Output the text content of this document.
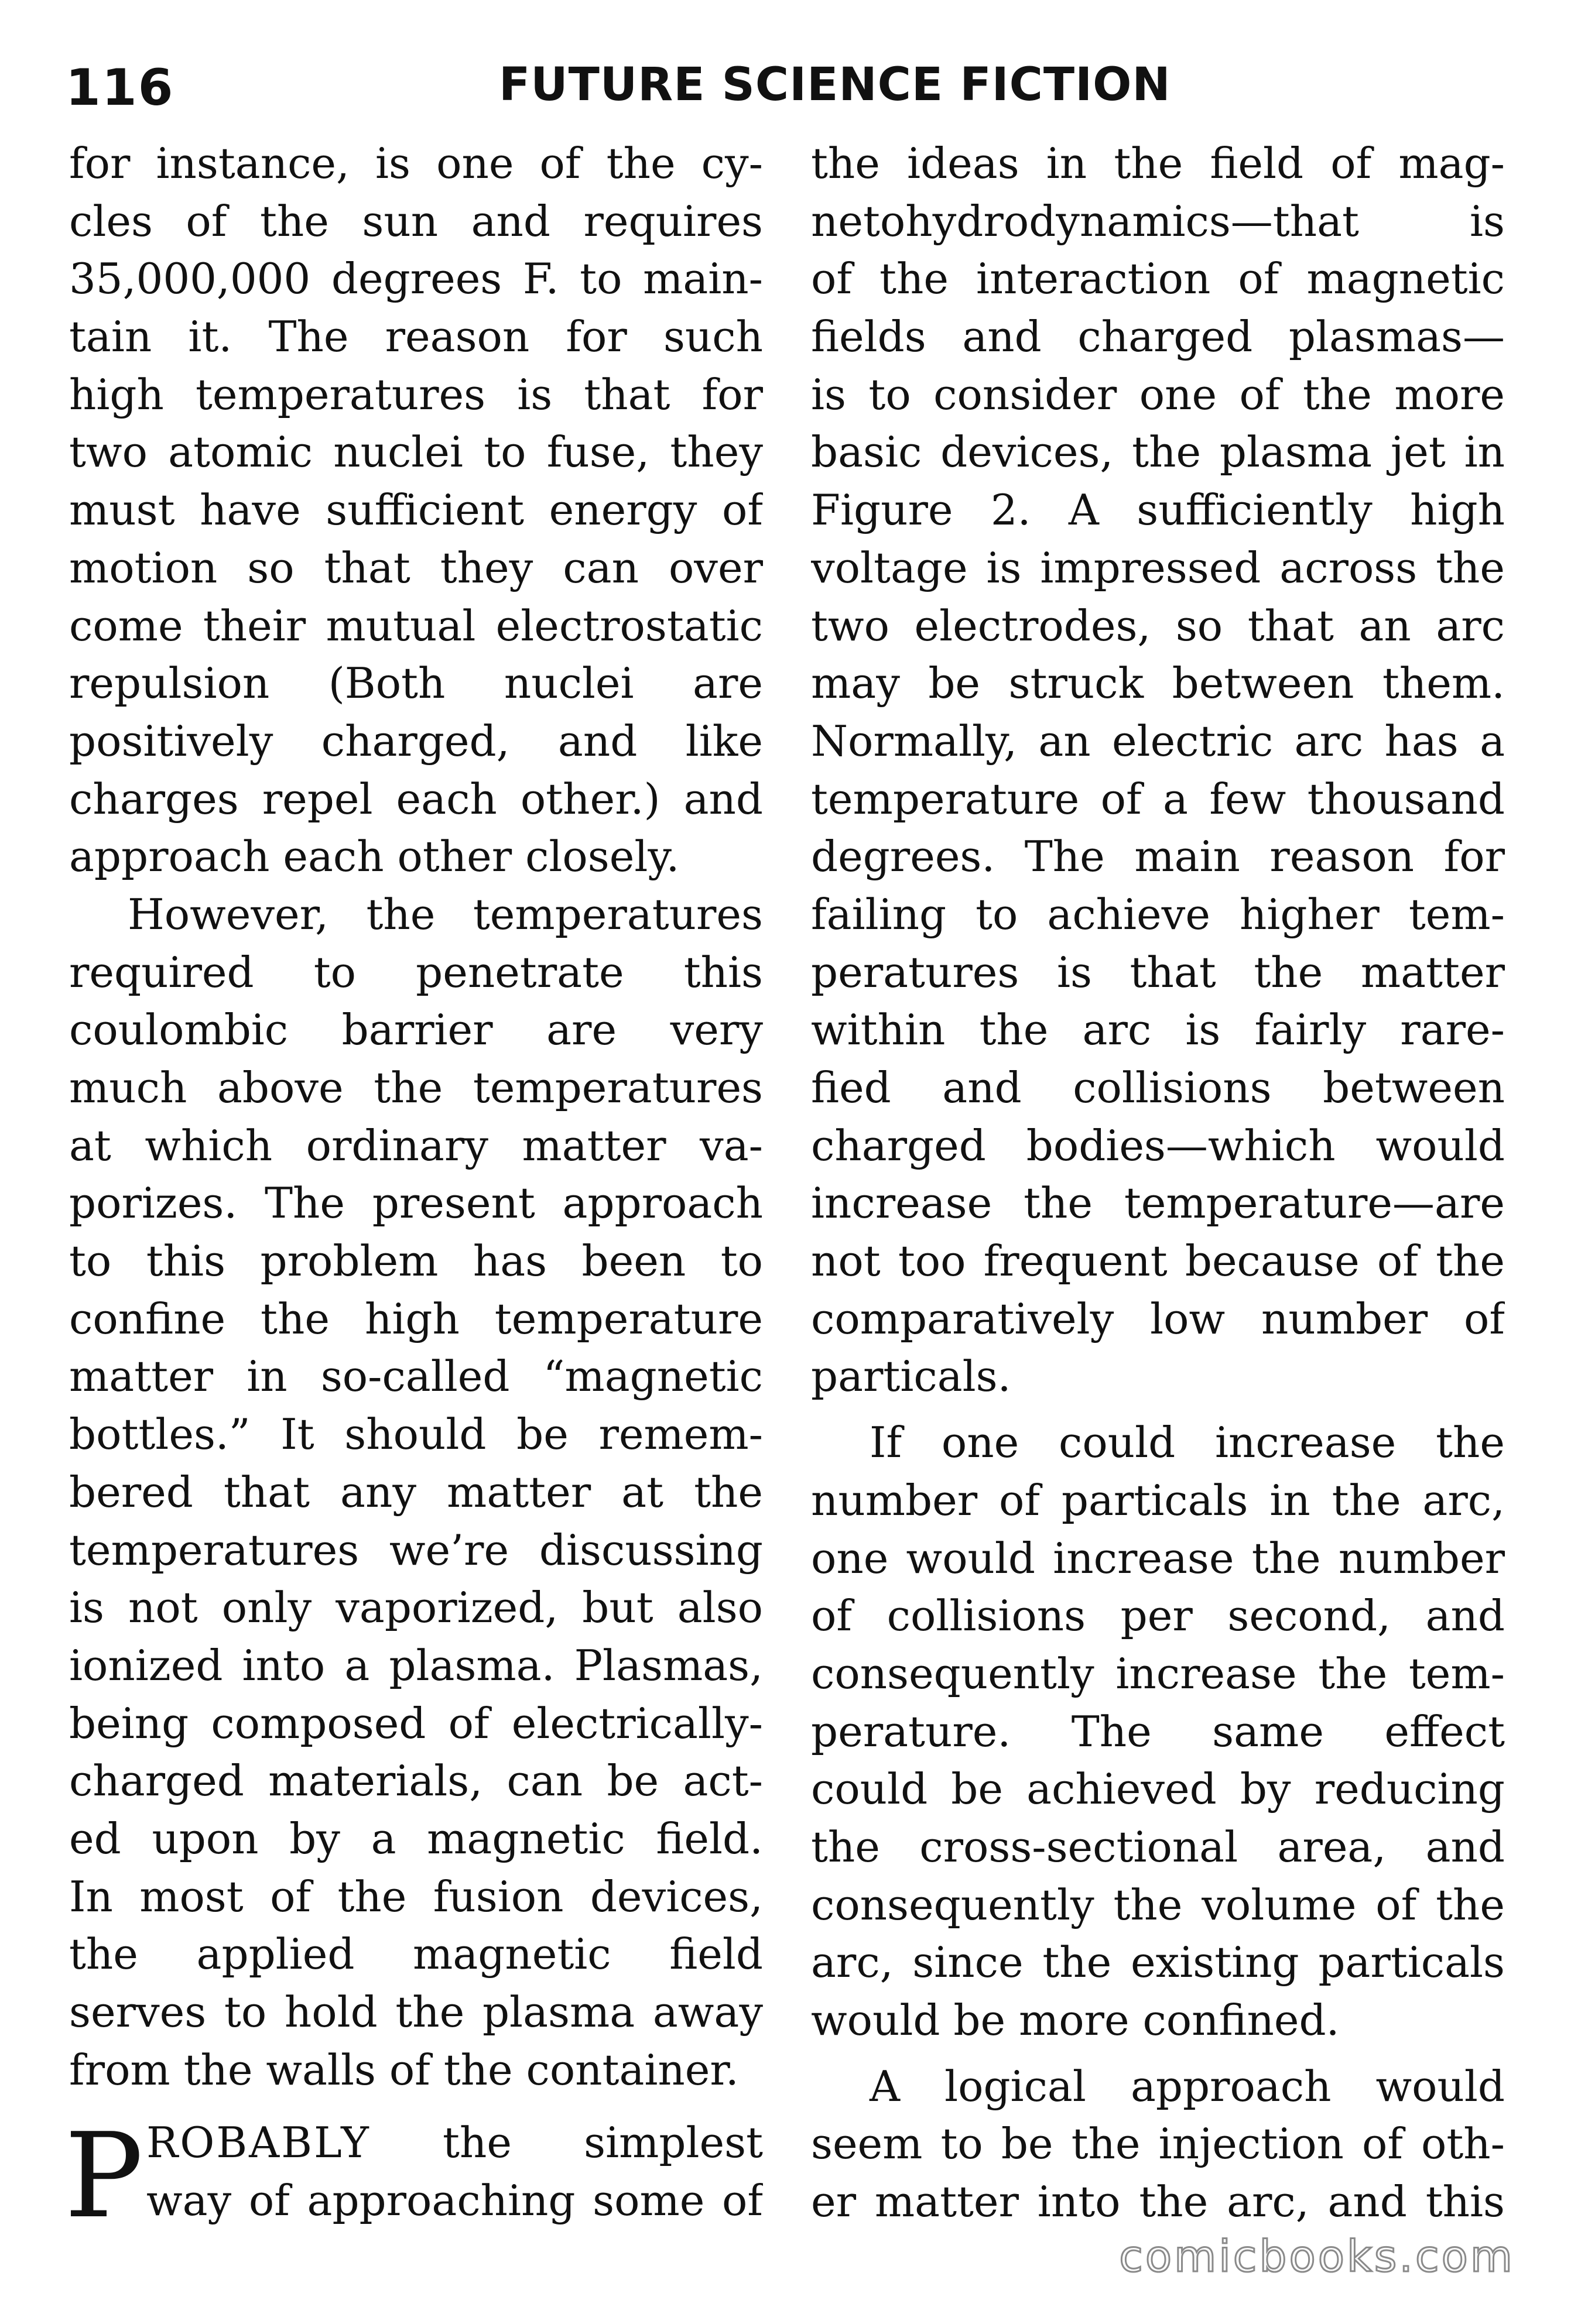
116	FUTURE SCIENCE FICTION
for instance, is one of the cy-
cles of the sun and requires
35,000,000 degrees F. to main-
tain it. The reason for such
high temperatures is that for
two atomic nuclei to fuse, they
must have sufficient energy of
motion so that they can over
come their mutual electrostatic
repulsion (Both nuclei are
positively charged, and like
charges repel each other.) and
approach each other closely.
However, the temperatures
required to penetrate this
coulombic barrier are very
much above the temperatures
at which ordinary matter va-
porizes. The present approach
to this problem has been to
confine the high temperature
matter in so-called “magnetic
bottles.” It should be remem-
bered that any matter at the
temperatures we’re discussing
is not only vaporized, but also
ionized into a plasma. Plasmas,
being composed of electrically-
charged materials, can be act-
ed upon by a magnetic field.
In most of the fusion devices,
the applied magnetic field
serves to hold the plasma away
from the walls of the container.
P ROBABLY the simplest
way of approaching some of
the ideas in the field of mag-
netohydrodynamics—that is
of the interaction of magnetic
fields and charged plasmas—
is to consider one of the more
basic devices, the plasma jet in
Figure 2. A sufficiently high
voltage is impressed across the
two electrodes, so that an arc
may be struck between them.
Normally, an electric arc has a
temperature of a few thousand
degrees. The main reason for
failing to achieve higher tem-
peratures is that the matter
within the arc is fairly rare-
fied and collisions between
charged bodies—which would
increase the temperature—are
not too frequent because of the
comparatively low number of
particals.
If one could increase the
number of particals in the arc,
one would increase the number
of collisions per second, and
consequently increase the tem-
perature. The same effect
could be achieved by reducing
the cross-sectional area, and
consequently the volume of the
arc, since the existing particals
would be more confined.
A logical approach would
seem to be the injection of oth-
er matter into the arc, and this
comicbooks.com
